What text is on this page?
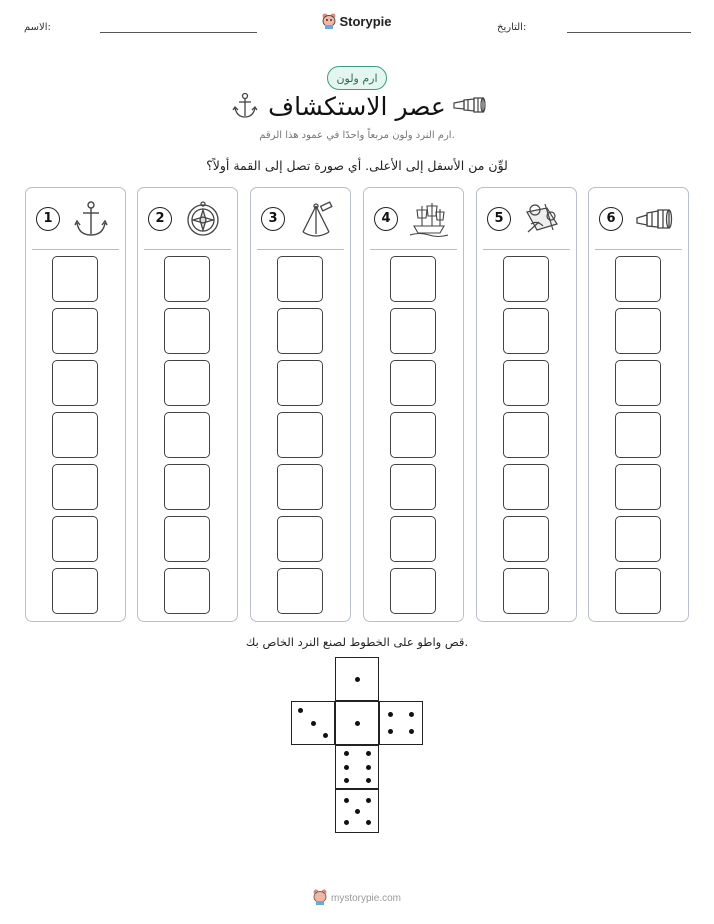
الاسم:	Storypie	التاريخ:
ارم ولون
عصر الاستكشاف
ارم النرد ولون مربعاً واحدًا في عمود هذا الرقم.
لوِّن من الأسفل إلى الأعلى. أي صورة تصل إلى القمة أولاً؟
1	2	3	4	5	6
قص واطو على الخطوط لصنع النرد الخاص بك.
mystorypie.com
